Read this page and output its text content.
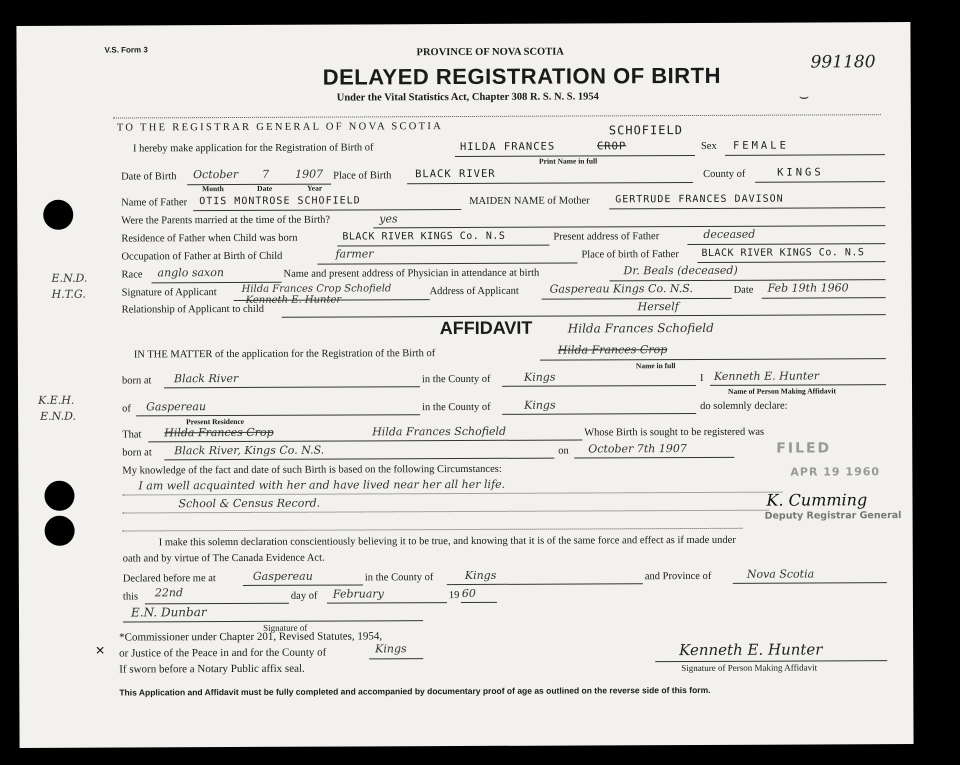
V.S. Form 3	PROVINCE OF NOVA SCOTIA
DELAYED REGISTRATION OF BIRTH
Under the Vital Statistics Act, Chapter 308 R. S. N. S. 1954
991180
⌣
TO THE REGISTRAR GENERAL OF NOVA SCOTIA
I hereby make application for the Registration of Birth of
SCHOFIELD
HILDA FRANCES	CROP
Print Name in full
Sex FEMALE
Date of Birth October 7 1907
Month	Date	Year
Place of Birth BLACK RIVER	County of	KINGS
Name of Father OTIS MONTROSE SCHOFIELD	MAIDEN NAME of Mother	GERTRUDE FRANCES DAVISON
Were the Parents married at the time of the Birth?	yes
Residence of Father when Child was born	BLACK RIVER KINGS Co. N.S	Present address of Father	deceased
Occupation of Father at Birth of Child	farmer	Place of birth of Father BLACK RIVER KINGS Co. N.S
Race anglo saxon	Name and present address of Physician in attendance at birth	Dr. Beals (deceased)
Signature of Applicant Hilda Frances Crop Schofield	Address of Applicant	Gaspereau Kings Co. N.S.	Date Feb 19th 1960
Relationship of Applicant to child
Kenneth E. Hunter	Herself
E.N.D.
H.T.G.
K.E.H.
E.N.D.
AFFIDAVIT	Hilda Frances Schofield
IN THE MATTER of the application for the Registration of the Birth of	Hilda Frances Crop
Name in full
born at Black River	in the County of	Kings	I Kenneth E. Hunter
Name of Person Making Affidavit
of Gaspereau
Present Residence
in the County of	Kings	do solemnly declare:
That Hilda Frances Crop	Hilda Frances Schofield	Whose Birth is sought to be registered was
born at Black River, Kings Co. N.S.	on October 7th 1907
My knowledge of the fact and date of such Birth is based on the following Circumstances:
I am well acquainted with her and have lived near her all her life.
School & Census Record.
FILED
APR 19 1960
K. Cumming
Deputy Registrar General
I make this solemn declaration conscientiously believing it to be true, and knowing that it is of the same force and effect as if made under
oath and by virtue of The Canada Evidence Act.
Declared before me at	Gaspereau	in the County of	Kings	and Province of	Nova Scotia
this 22nd	day of February	19 60
E.N. Dunbar
Signature of
*Commissioner under Chapter 201, Revised Statutes, 1954,
✕ or Justice of the Peace in and for the County of	Kings
If sworn before a Notary Public affix seal.
Kenneth E. Hunter
Signature of Person Making Affidavit
This Application and Affidavit must be fully completed and accompanied by documentary proof of age as outlined on the reverse side of this form.
